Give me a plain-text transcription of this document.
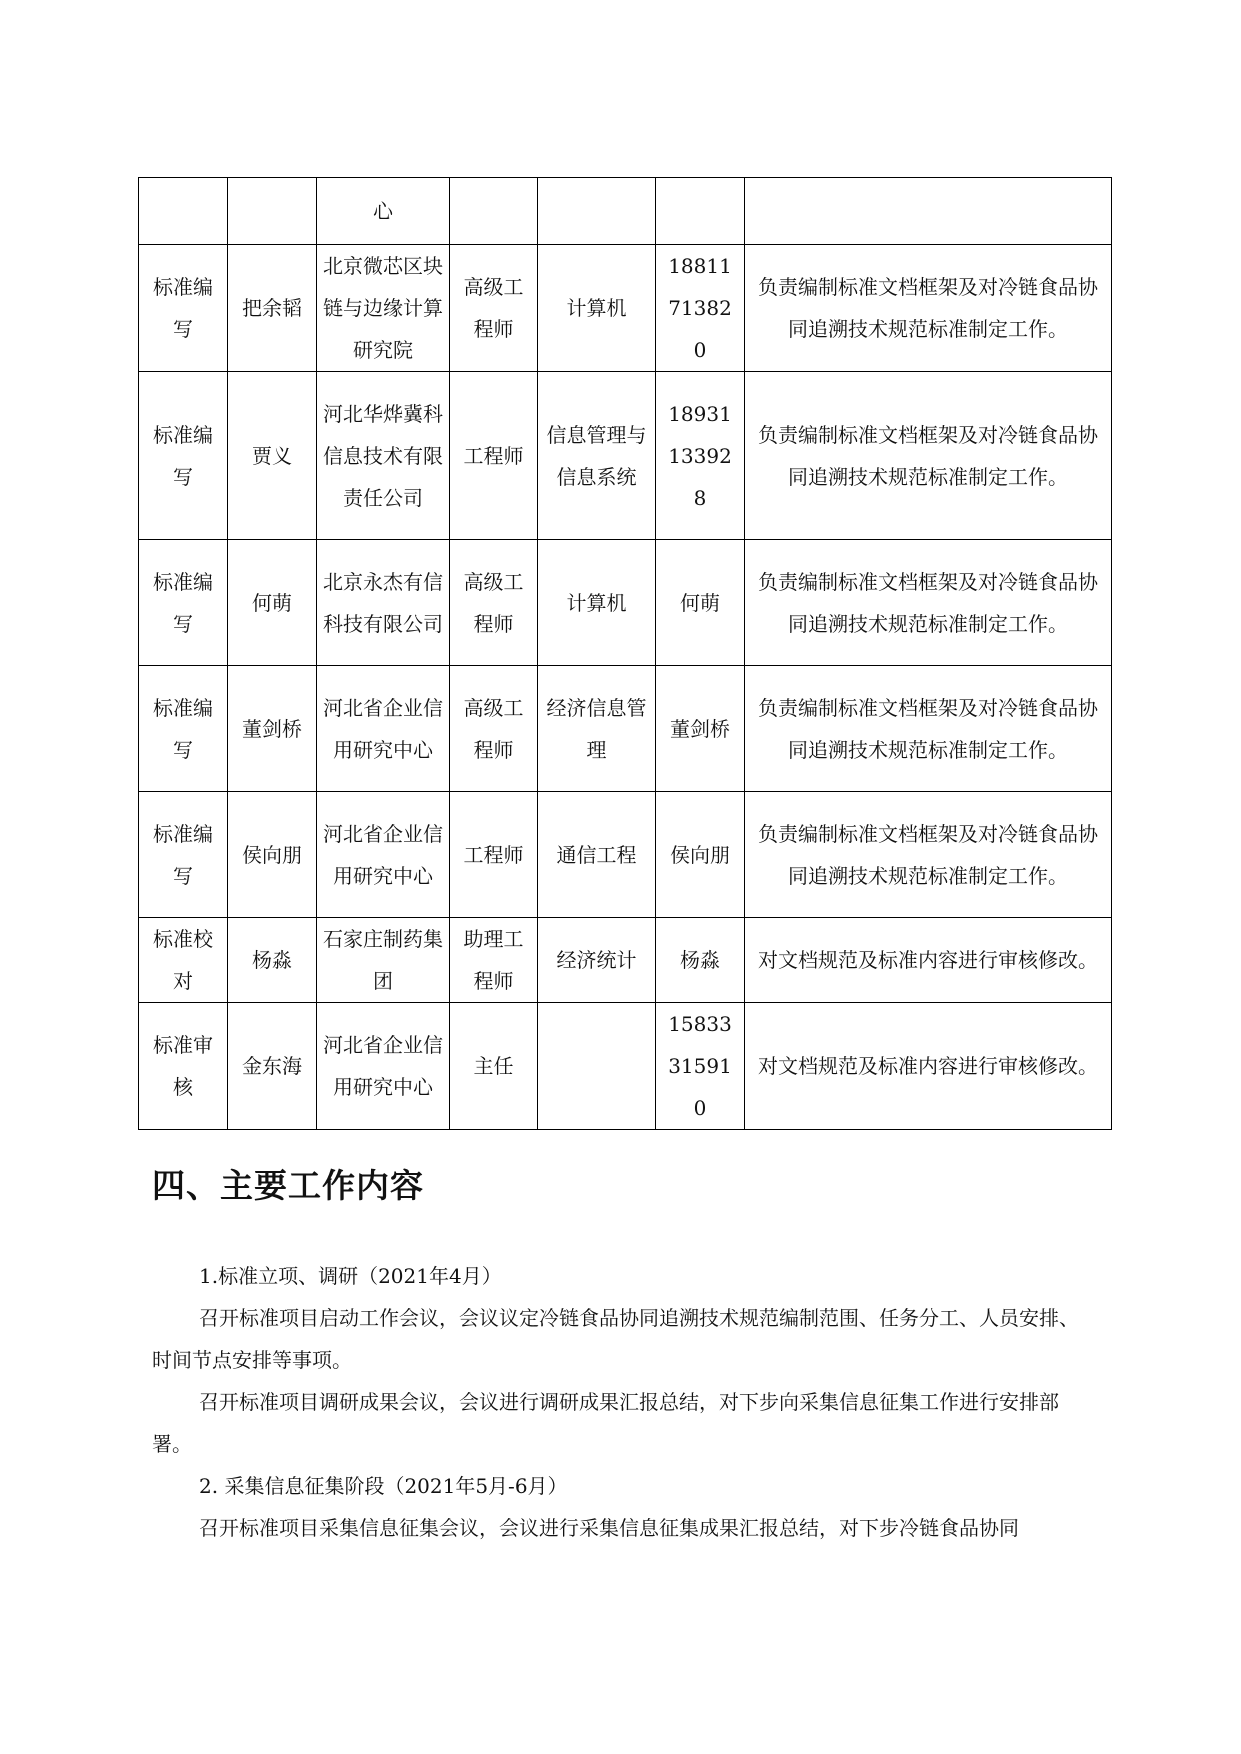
		心				
标准编写	把余韬	北京微芯区块链与边缘计算研究院	高级工程师	计算机	18811713820	负责编制标准文档框架及对冷链食品协同追溯技术规范标准制定工作。
标准编写	贾义	河北华烨冀科信息技术有限责任公司	工程师	信息管理与信息系统	18931133928	负责编制标准文档框架及对冷链食品协同追溯技术规范标准制定工作。
标准编写	何萌	北京永杰有信科技有限公司	高级工程师	计算机	何萌	负责编制标准文档框架及对冷链食品协同追溯技术规范标准制定工作。
标准编写	董剑桥	河北省企业信用研究中心	高级工程师	经济信息管理	董剑桥	负责编制标准文档框架及对冷链食品协同追溯技术规范标准制定工作。
标准编写	侯向朋	河北省企业信用研究中心	工程师	通信工程	侯向朋	负责编制标准文档框架及对冷链食品协同追溯技术规范标准制定工作。
标准校对	杨淼	石家庄制药集团	助理工程师	经济统计	杨淼	对文档规范及标准内容进行审核修改。
标准审核	金东海	河北省企业信用研究中心	主任		15833315910	对文档规范及标准内容进行审核修改。
四、主要工作内容

1.标准立项、调研（2021年4月）

召开标准项目启动工作会议，会议议定冷链食品协同追溯技术规范编制范围、任务分工、人员安排、时间节点安排等事项。

召开标准项目调研成果会议，会议进行调研成果汇报总结，对下步向采集信息征集工作进行安排部署。

2. 采集信息征集阶段（2021年5月-6月）

召开标准项目采集信息征集会议，会议进行采集信息征集成果汇报总结，对下步冷链食品协同
